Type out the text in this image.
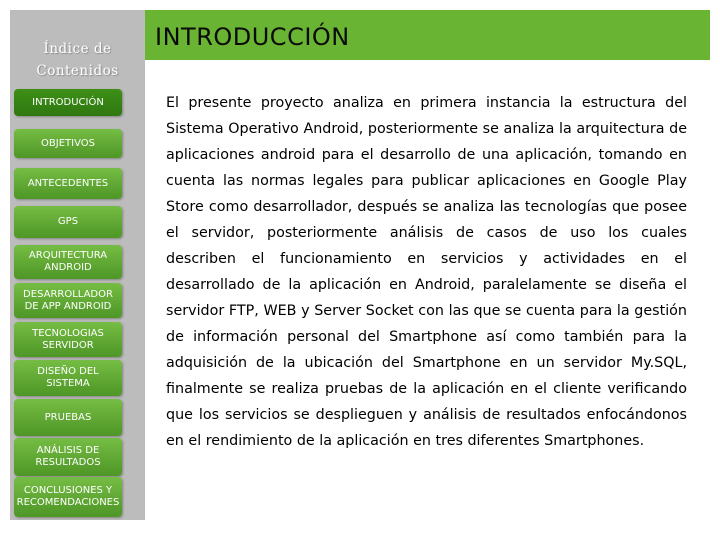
Índice de Contenidos
INTRODUCIÓN
OBJETIVOS
ANTECEDENTES
GPS
ARQUITECTURA ANDROID
DESARROLLADOR DE APP ANDROID
TECNOLOGIAS SERVIDOR
DISEÑO DEL SISTEMA
PRUEBAS
ANÁLISIS DE RESULTADOS
CONCLUSIONES Y RECOMENDACIONES
INTRODUCCIÓN

El presente proyecto analiza en primera instancia la estructura del Sistema Operativo Android, posteriormente se analiza la arquitectura de aplicaciones android para el desarrollo de una aplicación, tomando en cuenta las normas legales para publicar aplicaciones en Google Play Store como desarrollador, después se analiza las tecnologías que posee el servidor, posteriormente análisis de casos de uso los cuales describen el funcionamiento en servicios y actividades en el desarrollado de la aplicación en Android, paralelamente se diseña el servidor FTP, WEB y Server Socket con las que se cuenta para la gestión de información personal del Smartphone así como también para la adquisición de la ubicación del Smartphone en un servidor My.SQL, finalmente se realiza pruebas de la aplicación en el cliente verificando que los servicios se desplieguen y análisis de resultados enfocándonos en el rendimiento de la aplicación en tres diferentes Smartphones.
